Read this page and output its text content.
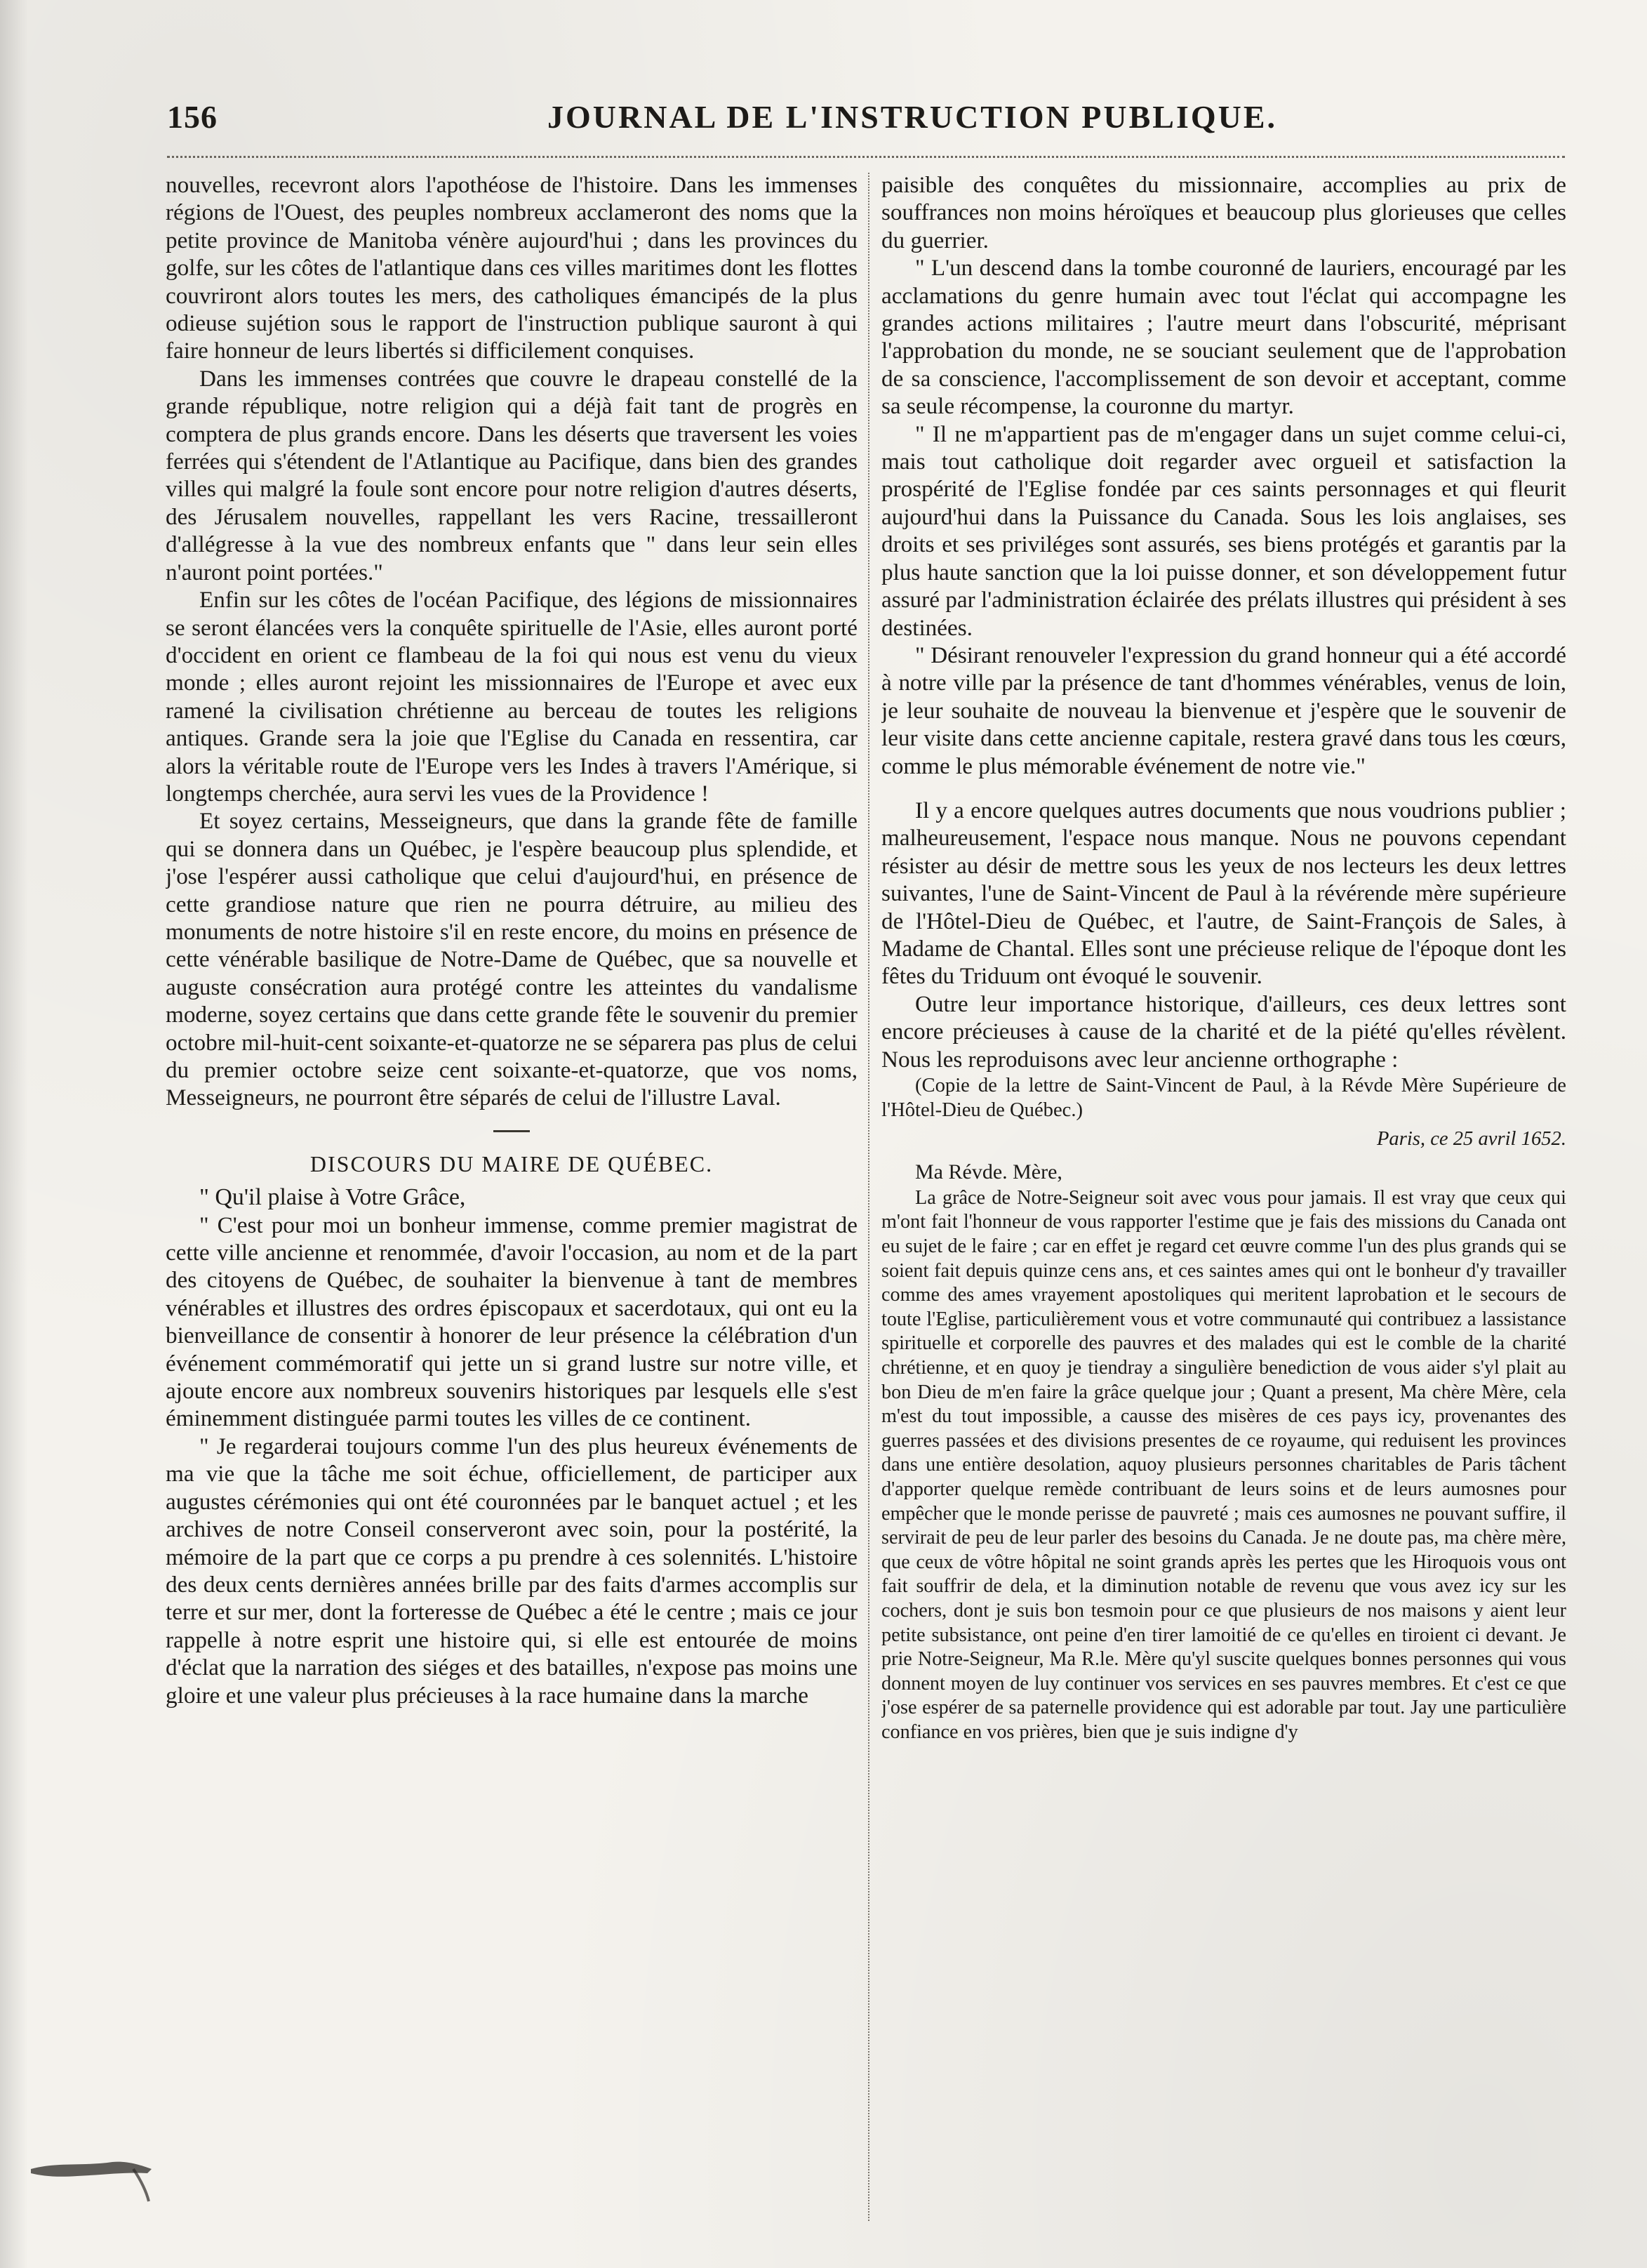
156	JOURNAL DE L'INSTRUCTION PUBLIQUE.

nouvelles, recevront alors l'apothéose de l'histoire. Dans les immenses régions de l'Ouest, des peuples nombreux acclameront des noms que la petite province de Manitoba vénère aujourd'hui ; dans les provinces du golfe, sur les côtes de l'atlantique dans ces villes maritimes dont les flottes couvriront alors toutes les mers, des catholiques émancipés de la plus odieuse sujétion sous le rapport de l'instruction publique sauront à qui faire honneur de leurs libertés si difficilement conquises.

Dans les immenses contrées que couvre le drapeau constellé de la grande république, notre religion qui a déjà fait tant de progrès en comptera de plus grands encore. Dans les déserts que traversent les voies ferrées qui s'étendent de l'Atlantique au Pacifique, dans bien des grandes villes qui malgré la foule sont encore pour notre religion d'autres déserts, des Jérusalem nouvelles, rappellant les vers Racine, tressailleront d'allégresse à la vue des nombreux enfants que " dans leur sein elles n'auront point portées."

Enfin sur les côtes de l'océan Pacifique, des légions de missionnaires se seront élancées vers la conquête spirituelle de l'Asie, elles auront porté d'occident en orient ce flambeau de la foi qui nous est venu du vieux monde ; elles auront rejoint les missionnaires de l'Europe et avec eux ramené la civilisation chrétienne au berceau de toutes les religions antiques. Grande sera la joie que l'Eglise du Canada en ressentira, car alors la véritable route de l'Europe vers les Indes à travers l'Amérique, si longtemps cherchée, aura servi les vues de la Providence !

Et soyez certains, Messeigneurs, que dans la grande fête de famille qui se donnera dans un Québec, je l'espère beaucoup plus splendide, et j'ose l'espérer aussi catholique que celui d'aujourd'hui, en présence de cette grandiose nature que rien ne pourra détruire, au milieu des monuments de notre histoire s'il en reste encore, du moins en présence de cette vénérable basilique de Notre-Dame de Québec, que sa nouvelle et auguste consécration aura protégé contre les atteintes du vandalisme moderne, soyez certains que dans cette grande fête le souvenir du premier octobre mil-huit-cent soixante-et-quatorze ne se séparera pas plus de celui du premier octobre seize cent soixante-et-quatorze, que vos noms, Messeigneurs, ne pourront être séparés de celui de l'illustre Laval.

DISCOURS DU MAIRE DE QUÉBEC.

" Qu'il plaise à Votre Grâce,

" C'est pour moi un bonheur immense, comme premier magistrat de cette ville ancienne et renommée, d'avoir l'occasion, au nom et de la part des citoyens de Québec, de souhaiter la bienvenue à tant de membres vénérables et illustres des ordres épiscopaux et sacerdotaux, qui ont eu la bienveillance de consentir à honorer de leur présence la célébration d'un événement commémoratif qui jette un si grand lustre sur notre ville, et ajoute encore aux nombreux souvenirs historiques par lesquels elle s'est éminemment distinguée parmi toutes les villes de ce continent.

" Je regarderai toujours comme l'un des plus heureux événements de ma vie que la tâche me soit échue, officiellement, de participer aux augustes cérémonies qui ont été couronnées par le banquet actuel ; et les archives de notre Conseil conserveront avec soin, pour la postérité, la mémoire de la part que ce corps a pu prendre à ces solennités. L'histoire des deux cents dernières années brille par des faits d'armes accomplis sur terre et sur mer, dont la forteresse de Québec a été le centre ; mais ce jour rappelle à notre esprit une histoire qui, si elle est entourée de moins d'éclat que la narration des siéges et des batailles, n'expose pas moins une gloire et une valeur plus précieuses à la race humaine dans la marche

paisible des conquêtes du missionnaire, accomplies au prix de souffrances non moins héroïques et beaucoup plus glorieuses que celles du guerrier.

" L'un descend dans la tombe couronné de lauriers, encouragé par les acclamations du genre humain avec tout l'éclat qui accompagne les grandes actions militaires ; l'autre meurt dans l'obscurité, méprisant l'approbation du monde, ne se souciant seulement que de l'approbation de sa conscience, l'accomplissement de son devoir et acceptant, comme sa seule récompense, la couronne du martyr.

" Il ne m'appartient pas de m'engager dans un sujet comme celui-ci, mais tout catholique doit regarder avec orgueil et satisfaction la prospérité de l'Eglise fondée par ces saints personnages et qui fleurit aujourd'hui dans la Puissance du Canada. Sous les lois anglaises, ses droits et ses priviléges sont assurés, ses biens protégés et garantis par la plus haute sanction que la loi puisse donner, et son développement futur assuré par l'administration éclairée des prélats illustres qui président à ses destinées.

" Désirant renouveler l'expression du grand honneur qui a été accordé à notre ville par la présence de tant d'hommes vénérables, venus de loin, je leur souhaite de nouveau la bienvenue et j'espère que le souvenir de leur visite dans cette ancienne capitale, restera gravé dans tous les cœurs, comme le plus mémorable événement de notre vie."

Il y a encore quelques autres documents que nous voudrions publier ; malheureusement, l'espace nous manque. Nous ne pouvons cependant résister au désir de mettre sous les yeux de nos lecteurs les deux lettres suivantes, l'une de Saint-Vincent de Paul à la révérende mère supérieure de l'Hôtel-Dieu de Québec, et l'autre, de Saint-François de Sales, à Madame de Chantal. Elles sont une précieuse relique de l'époque dont les fêtes du Triduum ont évoqué le souvenir.

Outre leur importance historique, d'ailleurs, ces deux lettres sont encore précieuses à cause de la charité et de la piété qu'elles révèlent. Nous les reproduisons avec leur ancienne orthographe :

(Copie de la lettre de Saint-Vincent de Paul, à la Révde Mère Supérieure de l'Hôtel-Dieu de Québec.)

Paris, ce 25 avril 1652.

Ma Révde. Mère,

La grâce de Notre-Seigneur soit avec vous pour jamais. Il est vray que ceux qui m'ont fait l'honneur de vous rapporter l'estime que je fais des missions du Canada ont eu sujet de le faire ; car en effet je regard cet œuvre comme l'un des plus grands qui se soient fait depuis quinze cens ans, et ces saintes ames qui ont le bonheur d'y travailler comme des ames vrayement apostoliques qui meritent laprobation et le secours de toute l'Eglise, particulièrement vous et votre communauté qui contribuez a lassistance spirituelle et corporelle des pauvres et des malades qui est le comble de la charité chrétienne, et en quoy je tiendray a singulière benediction de vous aider s'yl plait au bon Dieu de m'en faire la grâce quelque jour ; Quant a present, Ma chère Mère, cela m'est du tout impossible, a causse des misères de ces pays icy, provenantes des guerres passées et des divisions presentes de ce royaume, qui reduisent les provinces dans une entière desolation, aquoy plusieurs personnes charitables de Paris tâchent d'apporter quelque remède contribuant de leurs soins et de leurs aumosnes pour empêcher que le monde perisse de pauvreté ; mais ces aumosnes ne pouvant suffire, il servirait de peu de leur parler des besoins du Canada. Je ne doute pas, ma chère mère, que ceux de vôtre hôpital ne soint grands après les pertes que les Hiroquois vous ont fait souffrir de dela, et la diminution notable de revenu que vous avez icy sur les cochers, dont je suis bon tesmoin pour ce que plusieurs de nos maisons y aient leur petite subsistance, ont peine d'en tirer lamoitié de ce qu'elles en tiroient ci devant. Je prie Notre-Seigneur, Ma R.le. Mère qu'yl suscite quelques bonnes personnes qui vous donnent moyen de luy continuer vos services en ses pauvres membres. Et c'est ce que j'ose espérer de sa paternelle providence qui est adorable par tout. Jay une particulière confiance en vos prières, bien que je suis indigne d'y
